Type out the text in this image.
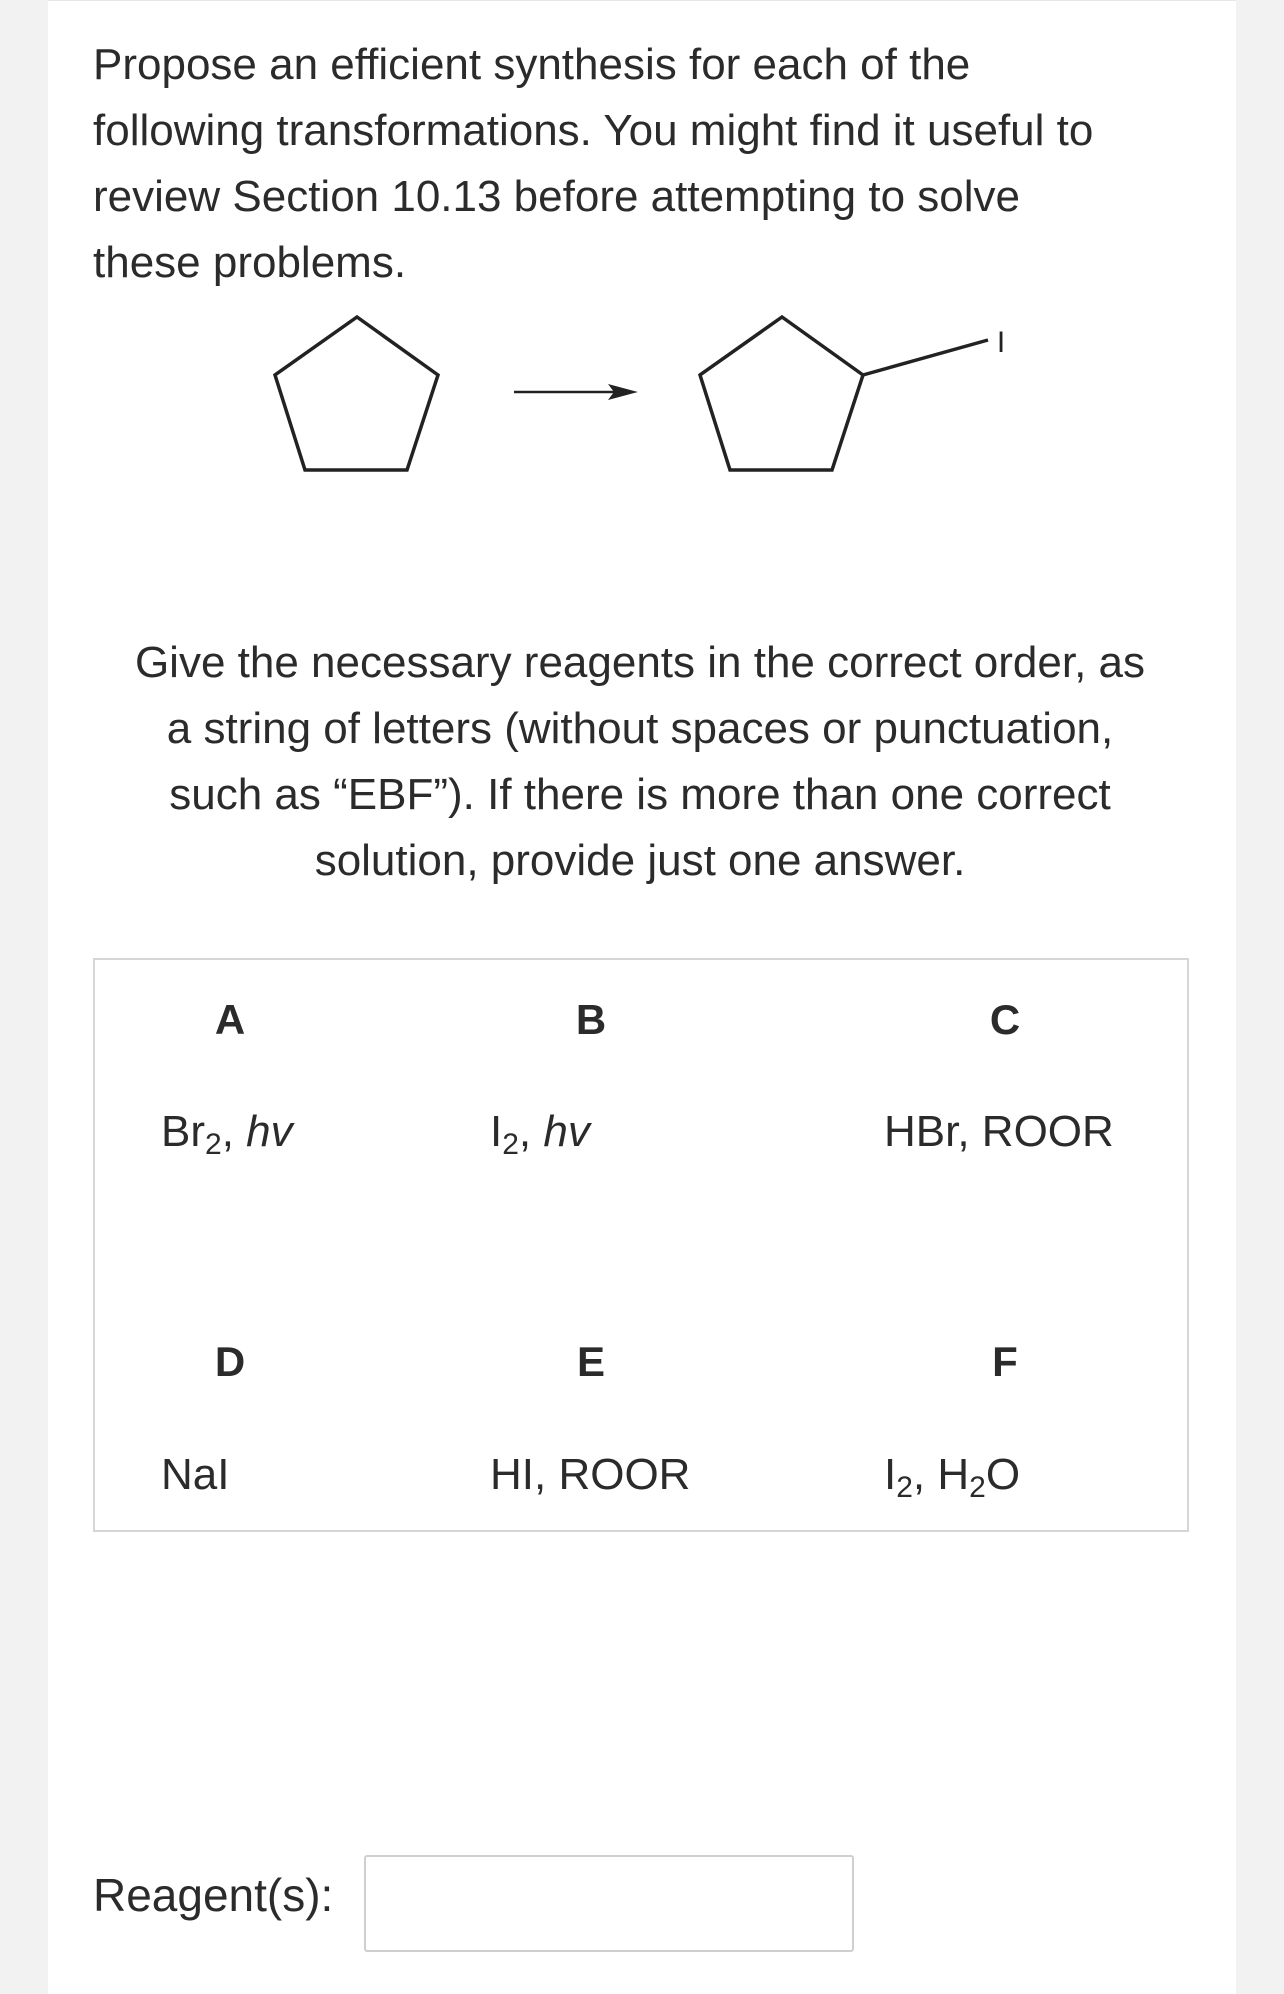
Propose an efficient synthesis for each of the
following transformations. You might find it useful to
review Section 10.13 before attempting to solve
these problems.
I
Give the necessary reagents in the correct order, as
a string of letters (without spaces or punctuation,
such as “EBF”). If there is more than one correct
solution, provide just one answer.
A
$Br_2$, hv
B
$I_2$, hv
C
HBr, ROOR
D
NaI
E
HI, ROOR
F
$I_2$, $H_2O$
Reagent(s):
